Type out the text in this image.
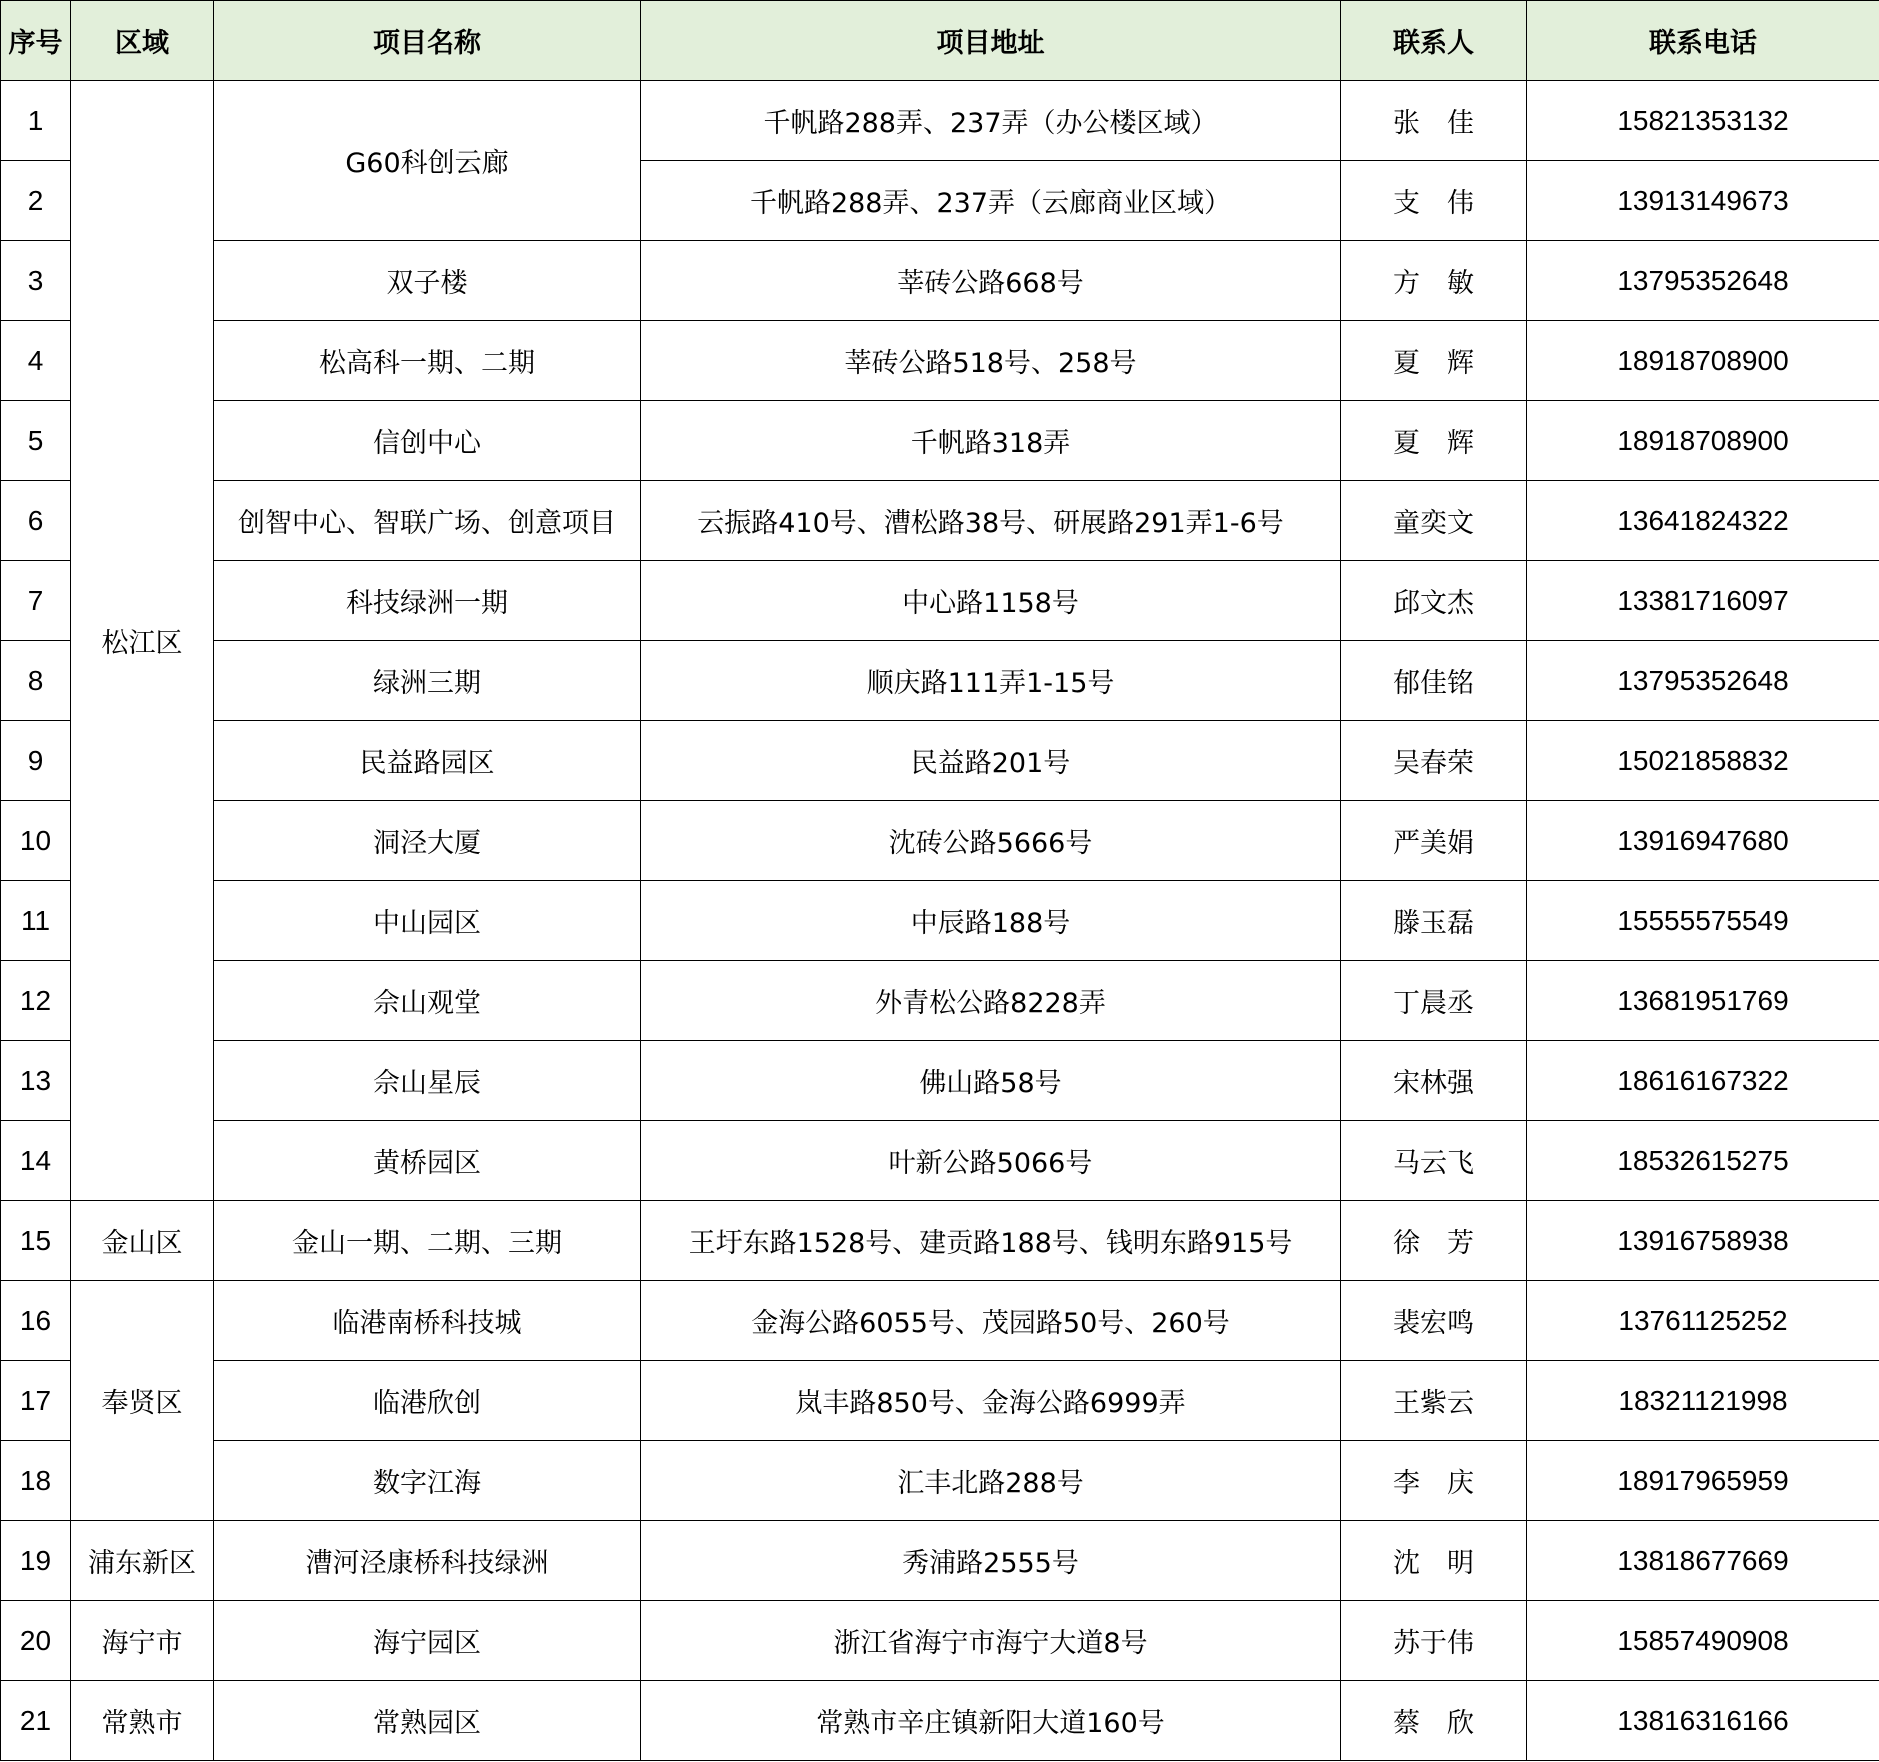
序号	区域	项目名称	项目地址	联系人	联系电话
1	松江区	G60科创云廊	千帆路288弄、237弄（办公楼区域）	张　佳	15821353132
2			千帆路288弄、237弄（云廊商业区域）	支　伟	13913149673
3		双子楼	莘砖公路668号	方　敏	13795352648
4		松高科一期、二期	莘砖公路518号、258号	夏　辉	18918708900
5		信创中心	千帆路318弄	夏　辉	18918708900
6		创智中心、智联广场、创意项目	云振路410号、漕松路38号、研展路291弄1-6号	童奕文	13641824322
7		科技绿洲一期	中心路1158号	邱文杰	13381716097
8		绿洲三期	顺庆路111弄1-15号	郁佳铭	13795352648
9		民益路园区	民益路201号	吴春荣	15021858832
10		洞泾大厦	沈砖公路5666号	严美娟	13916947680
11		中山园区	中辰路188号	滕玉磊	15555575549
12		佘山观堂	外青松公路8228弄	丁晨丞	13681951769
13		佘山星辰	佛山路58号	宋林强	18616167322
14		黄桥园区	叶新公路5066号	马云飞	18532615275
15	金山区	金山一期、二期、三期	王圩东路1528号、建贡路188号、钱明东路915号	徐　芳	13916758938
16	奉贤区	临港南桥科技城	金海公路6055号、茂园路50号、260号	裴宏鸣	13761125252
17		临港欣创	岚丰路850号、金海公路6999弄	王紫云	18321121998
18		数字江海	汇丰北路288号	李　庆	18917965959
19	浦东新区	漕河泾康桥科技绿洲	秀浦路2555号	沈　明	13818677669
20	海宁市	海宁园区	浙江省海宁市海宁大道8号	苏于伟	15857490908
21	常熟市	常熟园区	常熟市辛庄镇新阳大道160号	蔡　欣	13816316166
